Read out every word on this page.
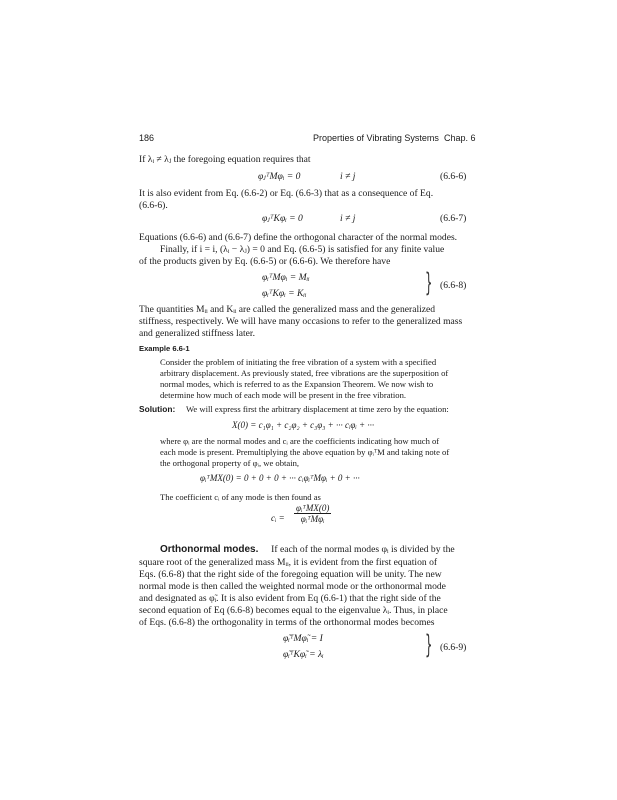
186	Properties of Vibrating Systems Chap. 6
If λᵢ ≠ λⱼ the foregoing equation requires that
φⱼᵀMφᵢ = 0	i ≠ j	(6.6-6)
It is also evident from Eq. (6.6-2) or Eq. (6.6-3) that as a consequence of Eq.
(6.6-6).
φⱼᵀKφᵢ = 0	i ≠ j	(6.6-7)
Equations (6.6-6) and (6.6-7) define the orthogonal character of the normal modes.
Finally, if i = i, (λᵢ − λⱼ) = 0 and Eq. (6.6-5) is satisfied for any finite value
of the products given by Eq. (6.6-5) or (6.6-6). We therefore have
φᵢᵀMφᵢ = Mᵢᵢ
φᵢᵀKφᵢ = Kᵢᵢ	} (6.6-8)
The quantities Mᵢᵢ and Kᵢᵢ are called the generalized mass and the generalized
stiffness, respectively. We will have many occasions to refer to the generalized mass
and generalized stiffness later.
Example 6.6-1
Consider the problem of initiating the free vibration of a system with a specified
arbitrary displacement. As previously stated, free vibrations are the superposition of
normal modes, which is referred to as the Expansion Theorem. We now wish to
determine how much of each mode will be present in the free vibration.
Solution: We will express first the arbitrary displacement at time zero by the equation:
X(0) = c₁φ₁ + c₂φ₂ + c₃φ₃ + ··· cᵢφᵢ + ···
where φᵢ are the normal modes and cᵢ are the coefficients indicating how much of
each mode is present. Premultiplying the above equation by φᵢᵀM and taking note of
the orthogonal property of φᵢ, we obtain,
φᵢᵀMX(0) = 0 + 0 + 0 + ··· cᵢφᵢᵀMφᵢ + 0 + ···
The coefficient cᵢ of any mode is then found as
cᵢ = $\frac{\text{φᵢᵀMX(0)}}{\text{φᵢᵀMφᵢ}}$
Orthonormal modes. If each of the normal modes φᵢ is divided by the
square root of the generalized mass Mᵢᵢ, it is evident from the first equation of
Eqs. (6.6-8) that the right side of the foregoing equation will be unity. The new
normal mode is then called the weighted normal mode or the orthonormal mode
and designated as φ̃ᵢ. It is also evident from Eq (6.6-1) that the right side of the
second equation of Eq (6.6-8) becomes equal to the eigenvalue λᵢ. Thus, in place
of Eqs. (6.6-8) the orthogonality in terms of the orthonormal modes becomes
φ̃ᵢᵀMφ̃ᵢ = I
φ̃ᵢᵀKφ̃ᵢ = λᵢ	} (6.6-9)
